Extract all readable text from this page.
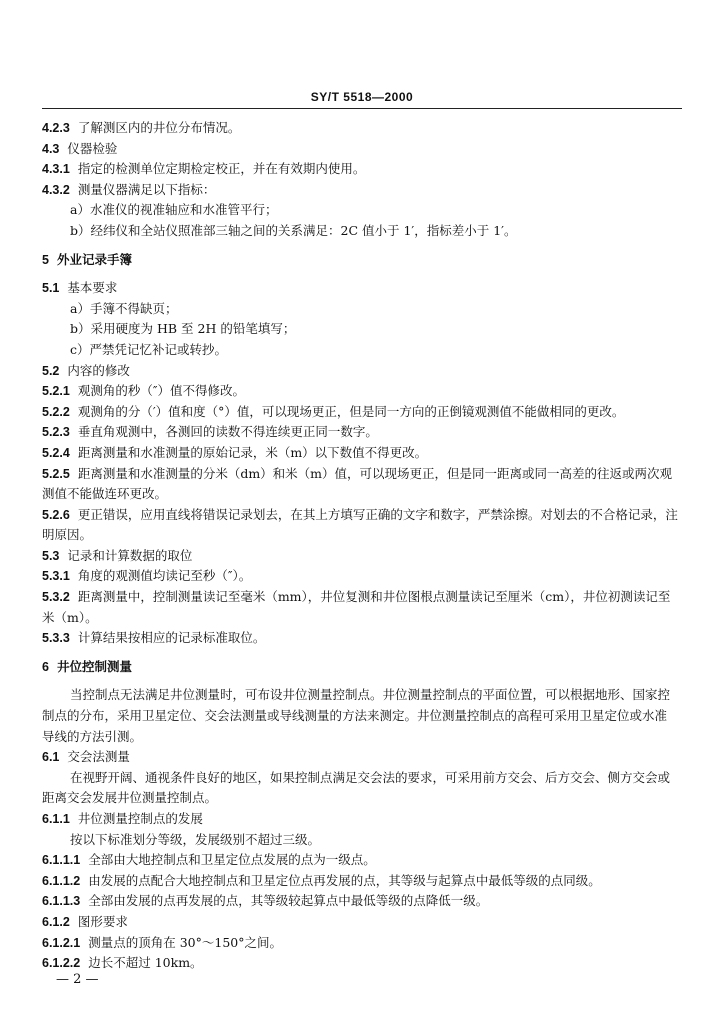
SY/T 5518—2000
4.2.3 了解测区内的井位分布情况。
4.3 仪器检验
4.3.1 指定的检测单位定期检定校正，并在有效期内使用。
4.3.2 测量仪器满足以下指标：
a）水准仪的视准轴应和水准管平行；
b）经纬仪和全站仪照准部三轴之间的关系满足：2C 值小于 1′，指标差小于 1′。
5 外业记录手簿
5.1 基本要求
a）手簿不得缺页；
b）采用硬度为 HB 至 2H 的铅笔填写；
c）严禁凭记忆补记或转抄。
5.2 内容的修改
5.2.1 观测角的秒（″）值不得修改。
5.2.2 观测角的分（′）值和度（°）值，可以现场更正，但是同一方向的正倒镜观测值不能做相同的更改。
5.2.3 垂直角观测中，各测回的读数不得连续更正同一数字。
5.2.4 距离测量和水准测量的原始记录，米（m）以下数值不得更改。
5.2.5 距离测量和水准测量的分米（dm）和米（m）值，可以现场更正，但是同一距离或同一高差的往返或两次观测值不能做连环更改。
5.2.6 更正错误，应用直线将错误记录划去，在其上方填写正确的文字和数字，严禁涂擦。对划去的不合格记录，注明原因。
5.3 记录和计算数据的取位
5.3.1 角度的观测值均读记至秒（″）。
5.3.2 距离测量中，控制测量读记至毫米（mm），井位复测和井位图根点测量读记至厘米（cm），井位初测读记至米（m）。
5.3.3 计算结果按相应的记录标准取位。
6 井位控制测量
当控制点无法满足井位测量时，可布设井位测量控制点。井位测量控制点的平面位置，可以根据地形、国家控制点的分布，采用卫星定位、交会法测量或导线测量的方法来测定。井位测量控制点的高程可采用卫星定位或水准导线的方法引测。
6.1 交会法测量
在视野开阔、通视条件良好的地区，如果控制点满足交会法的要求，可采用前方交会、后方交会、侧方交会或距离交会发展井位测量控制点。
6.1.1 井位测量控制点的发展
按以下标准划分等级，发展级别不超过三级。
6.1.1.1 全部由大地控制点和卫星定位点发展的点为一级点。
6.1.1.2 由发展的点配合大地控制点和卫星定位点再发展的点，其等级与起算点中最低等级的点同级。
6.1.1.3 全部由发展的点再发展的点，其等级较起算点中最低等级的点降低一级。
6.1.2 图形要求
6.1.2.1 测量点的顶角在 30°～150°之间。
6.1.2.2 边长不超过 10km。
— 2 —
